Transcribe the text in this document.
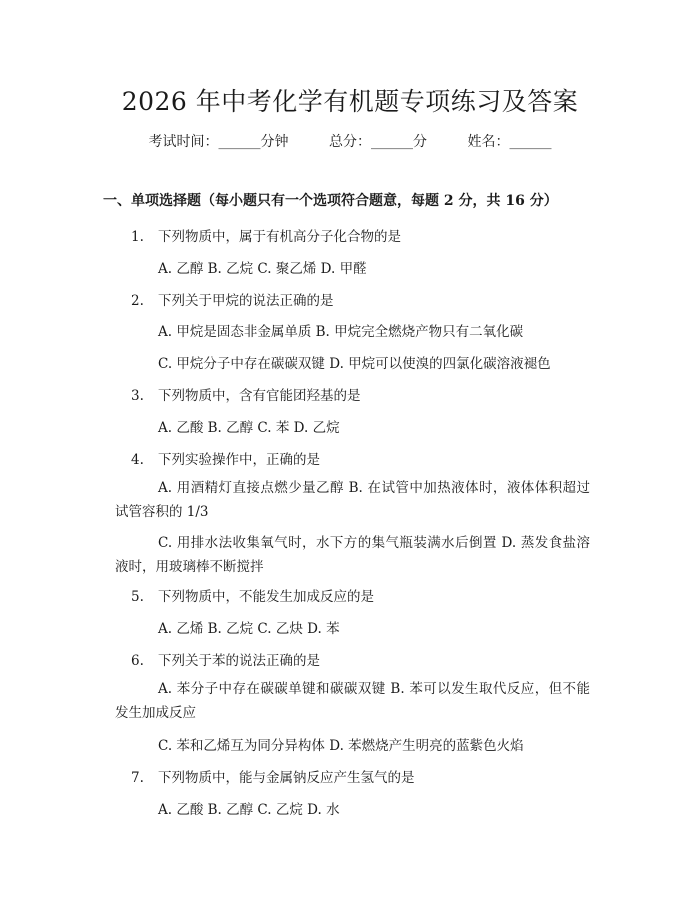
2026 年中考化学有机题专项练习及答案
考试时间：______分钟	总分：______分	姓名：______
一、单项选择题（每小题只有一个选项符合题意，每题 2 分，共 16 分）
1. 下列物质中，属于有机高分子化合物的是
A. 乙醇 B. 乙烷 C. 聚乙烯 D. 甲醛
2. 下列关于甲烷的说法正确的是
A. 甲烷是固态非金属单质 B. 甲烷完全燃烧产物只有二氧化碳
C. 甲烷分子中存在碳碳双键 D. 甲烷可以使溴的四氯化碳溶液褪色
3. 下列物质中，含有官能团羟基的是
A. 乙酸 B. 乙醇 C. 苯 D. 乙烷
4. 下列实验操作中，正确的是
A. 用酒精灯直接点燃少量乙醇 B. 在试管中加热液体时，液体体积超过试管容积的 1/3
C. 用排水法收集氧气时，水下方的集气瓶装满水后倒置 D. 蒸发食盐溶液时，用玻璃棒不断搅拌
5. 下列物质中，不能发生加成反应的是
A. 乙烯 B. 乙烷 C. 乙炔 D. 苯
6. 下列关于苯的说法正确的是
A. 苯分子中存在碳碳单键和碳碳双键 B. 苯可以发生取代反应，但不能发生加成反应
C. 苯和乙烯互为同分异构体 D. 苯燃烧产生明亮的蓝紫色火焰
7. 下列物质中，能与金属钠反应产生氢气的是
A. 乙酸 B. 乙醇 C. 乙烷 D. 水
